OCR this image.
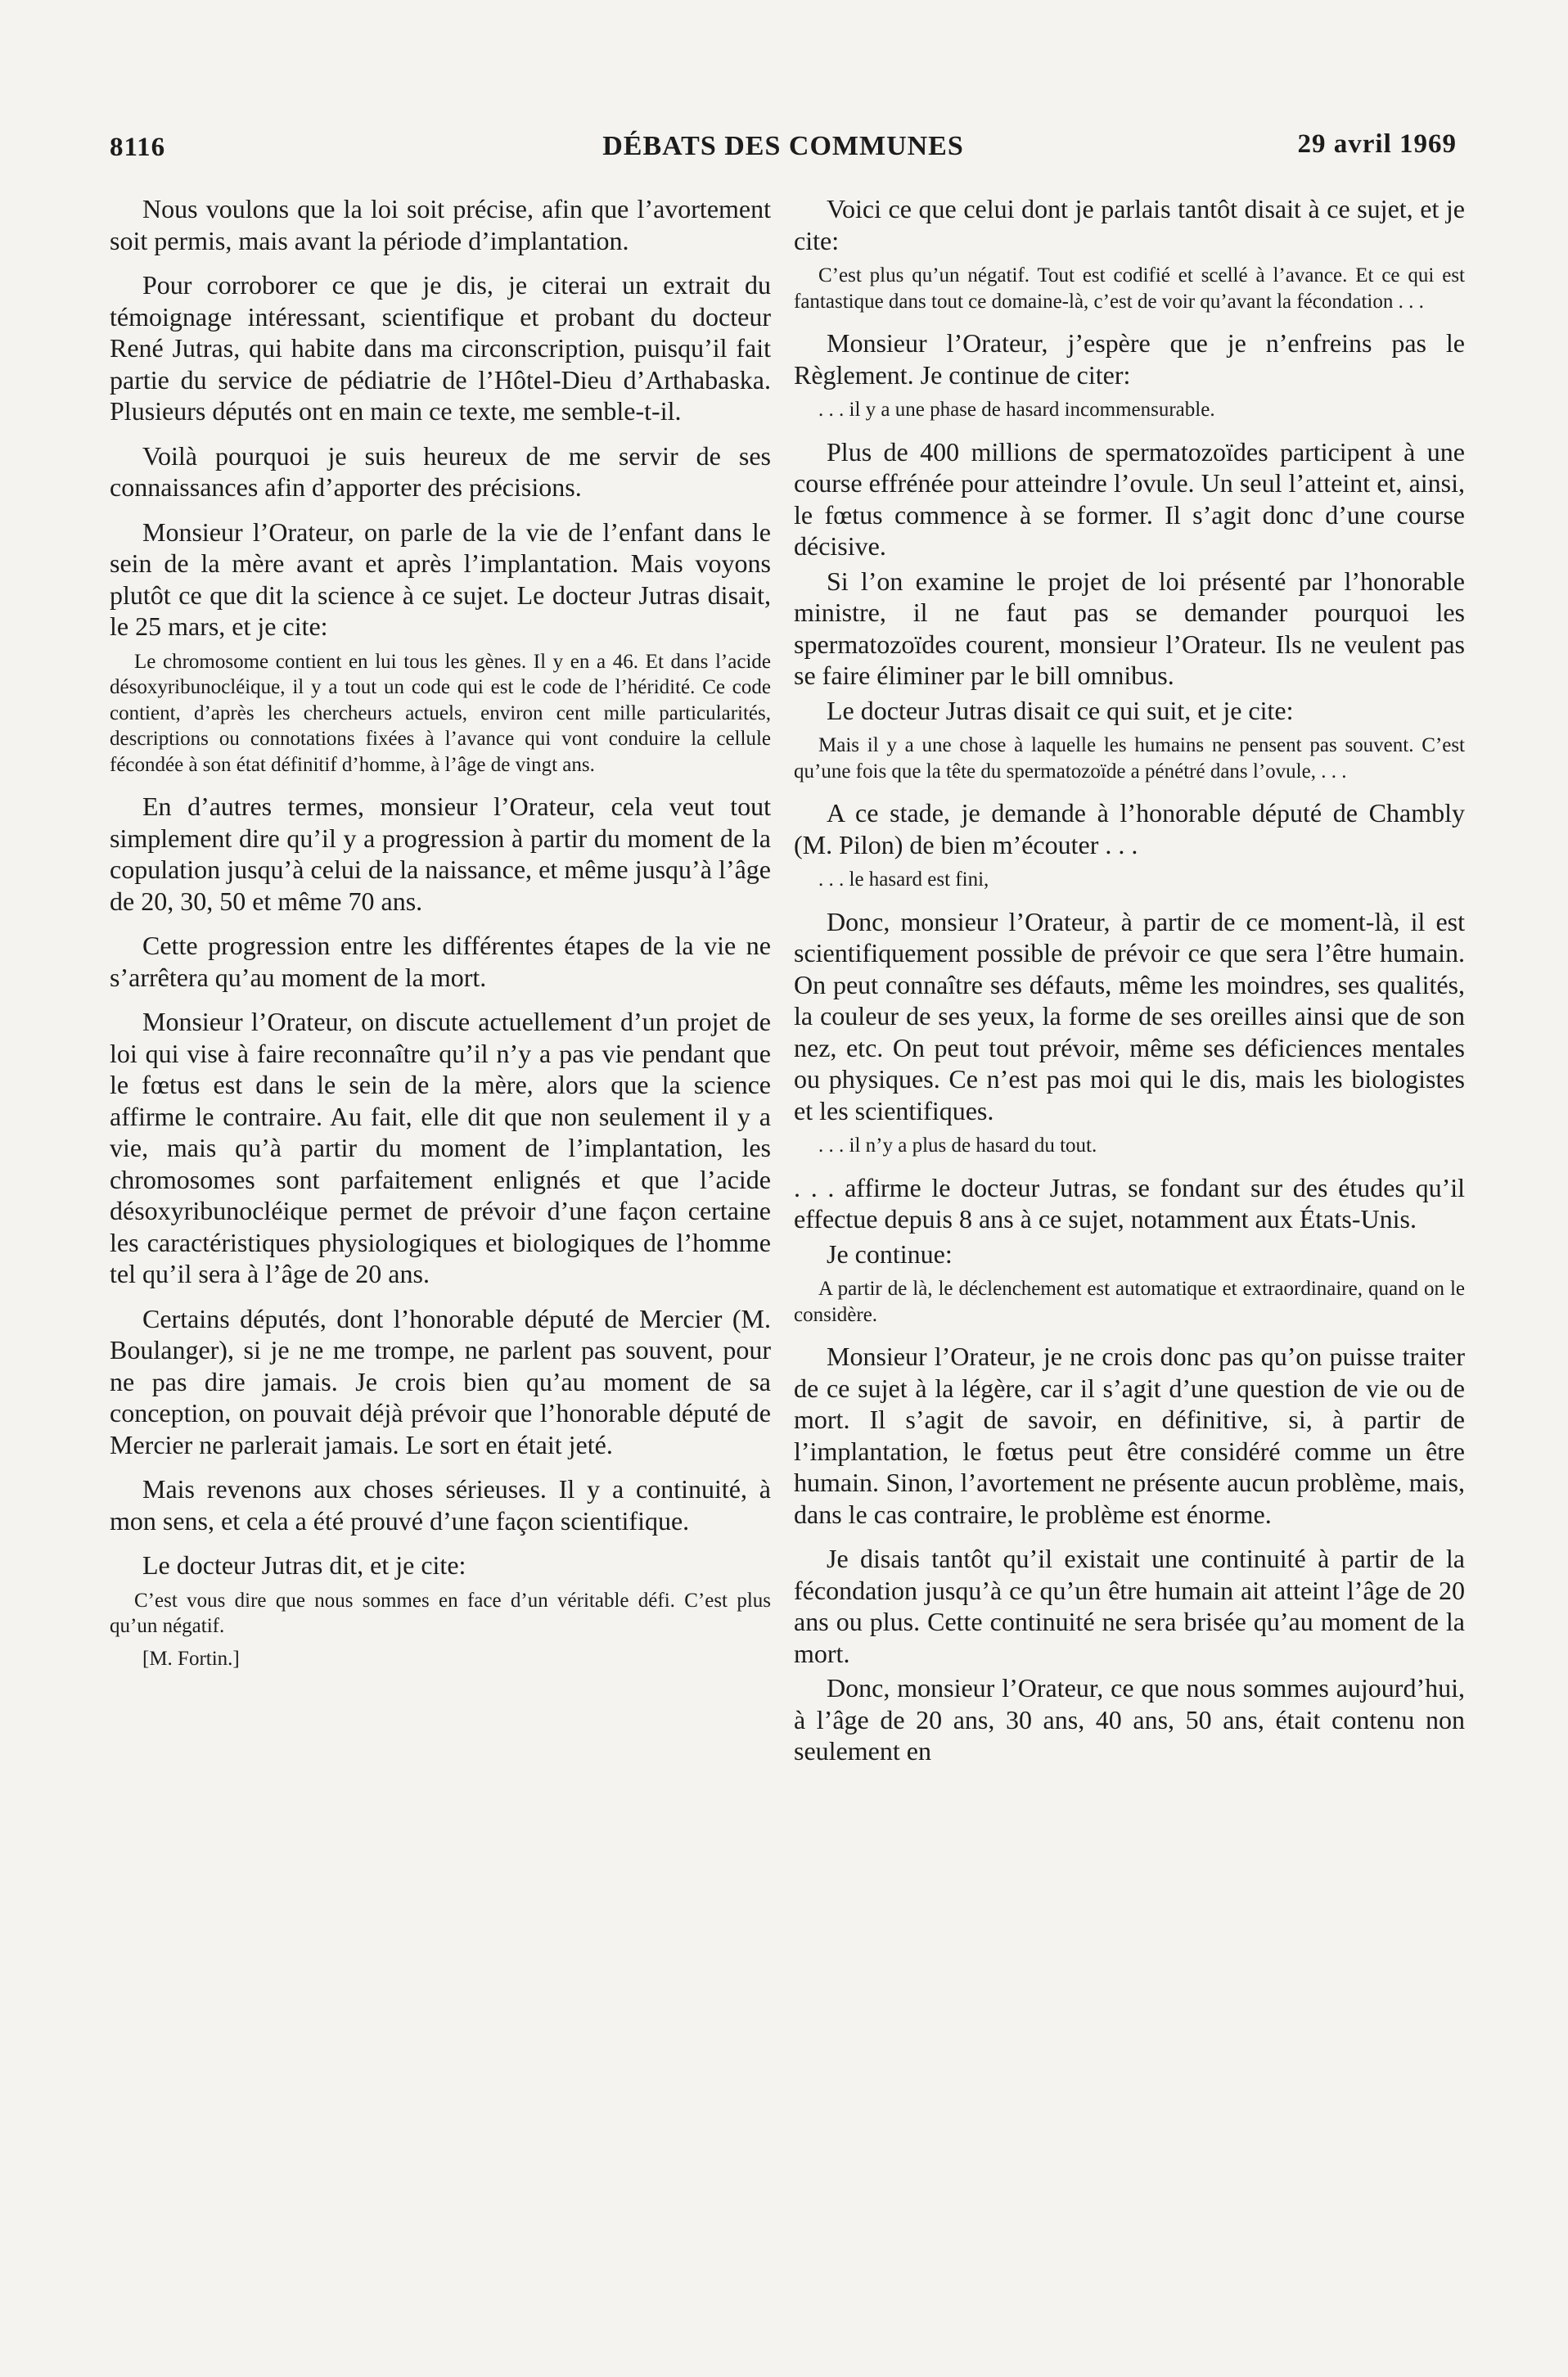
8116	DÉBATS DES COMMUNES	29 avril 1969

Nous voulons que la loi soit précise, afin que l’avortement soit permis, mais avant la période d’implantation.

Pour corroborer ce que je dis, je citerai un extrait du témoignage intéressant, scientifique et probant du docteur René Jutras, qui habite dans ma circonscription, puisqu’il fait partie du service de pédiatrie de l’Hôtel-Dieu d’Arthabaska. Plusieurs députés ont en main ce texte, me semble-t-il.

Voilà pourquoi je suis heureux de me servir de ses connaissances afin d’apporter des précisions.

Monsieur l’Orateur, on parle de la vie de l’enfant dans le sein de la mère avant et après l’implantation. Mais voyons plutôt ce que dit la science à ce sujet. Le docteur Jutras disait, le 25 mars, et je cite:

Le chromosome contient en lui tous les gènes. Il y en a 46. Et dans l’acide désoxyribunocléique, il y a tout un code qui est le code de l’héridité. Ce code contient, d’après les chercheurs actuels, environ cent mille particularités, descriptions ou connotations fixées à l’avance qui vont conduire la cellule fécondée à son état définitif d’homme, à l’âge de vingt ans.

En d’autres termes, monsieur l’Orateur, cela veut tout simplement dire qu’il y a progression à partir du moment de la copulation jusqu’à celui de la naissance, et même jusqu’à l’âge de 20, 30, 50 et même 70 ans.

Cette progression entre les différentes étapes de la vie ne s’arrêtera qu’au moment de la mort.

Monsieur l’Orateur, on discute actuellement d’un projet de loi qui vise à faire reconnaître qu’il n’y a pas vie pendant que le fœtus est dans le sein de la mère, alors que la science affirme le contraire. Au fait, elle dit que non seulement il y a vie, mais qu’à partir du moment de l’implantation, les chromosomes sont parfaitement enlignés et que l’acide désoxyribunocléique permet de prévoir d’une façon certaine les caractéristiques physiologiques et biologiques de l’homme tel qu’il sera à l’âge de 20 ans.

Certains députés, dont l’honorable député de Mercier (M. Boulanger), si je ne me trompe, ne parlent pas souvent, pour ne pas dire jamais. Je crois bien qu’au moment de sa conception, on pouvait déjà prévoir que l’honorable député de Mercier ne parlerait jamais. Le sort en était jeté.

Mais revenons aux choses sérieuses. Il y a continuité, à mon sens, et cela a été prouvé d’une façon scientifique.

Le docteur Jutras dit, et je cite:

C’est vous dire que nous sommes en face d’un véritable défi. C’est plus qu’un négatif.
[M. Fortin.]

Voici ce que celui dont je parlais tantôt disait à ce sujet, et je cite:

C’est plus qu’un négatif. Tout est codifié et scellé à l’avance. Et ce qui est fantastique dans tout ce domaine-là, c’est de voir qu’avant la fécondation . . .

Monsieur l’Orateur, j’espère que je n’enfreins pas le Règlement. Je continue de citer:

. . . il y a une phase de hasard incommensurable.

Plus de 400 millions de spermatozoïdes participent à une course effrénée pour atteindre l’ovule. Un seul l’atteint et, ainsi, le fœtus commence à se former. Il s’agit donc d’une course décisive.

Si l’on examine le projet de loi présenté par l’honorable ministre, il ne faut pas se demander pourquoi les spermatozoïdes courent, monsieur l’Orateur. Ils ne veulent pas se faire éliminer par le bill omnibus.

Le docteur Jutras disait ce qui suit, et je cite:

Mais il y a une chose à laquelle les humains ne pensent pas souvent. C’est qu’une fois que la tête du spermatozoïde a pénétré dans l’ovule, . . .

A ce stade, je demande à l’honorable député de Chambly (M. Pilon) de bien m’écouter . . .

. . . le hasard est fini,

Donc, monsieur l’Orateur, à partir de ce moment-là, il est scientifiquement possible de prévoir ce que sera l’être humain. On peut connaître ses défauts, même les moindres, ses qualités, la couleur de ses yeux, la forme de ses oreilles ainsi que de son nez, etc. On peut tout prévoir, même ses déficiences mentales ou physiques. Ce n’est pas moi qui le dis, mais les biologistes et les scientifiques.

. . . il n’y a plus de hasard du tout.

. . . affirme le docteur Jutras, se fondant sur des études qu’il effectue depuis 8 ans à ce sujet, notamment aux États-Unis.

Je continue:

A partir de là, le déclenchement est automatique et extraordinaire, quand on le considère.

Monsieur l’Orateur, je ne crois donc pas qu’on puisse traiter de ce sujet à la légère, car il s’agit d’une question de vie ou de mort. Il s’agit de savoir, en définitive, si, à partir de l’implantation, le fœtus peut être considéré comme un être humain. Sinon, l’avortement ne présente aucun problème, mais, dans le cas contraire, le problème est énorme.

Je disais tantôt qu’il existait une continuité à partir de la fécondation jusqu’à ce qu’un être humain ait atteint l’âge de 20 ans ou plus. Cette continuité ne sera brisée qu’au moment de la mort.

Donc, monsieur l’Orateur, ce que nous sommes aujourd’hui, à l’âge de 20 ans, 30 ans, 40 ans, 50 ans, était contenu non seulement en
